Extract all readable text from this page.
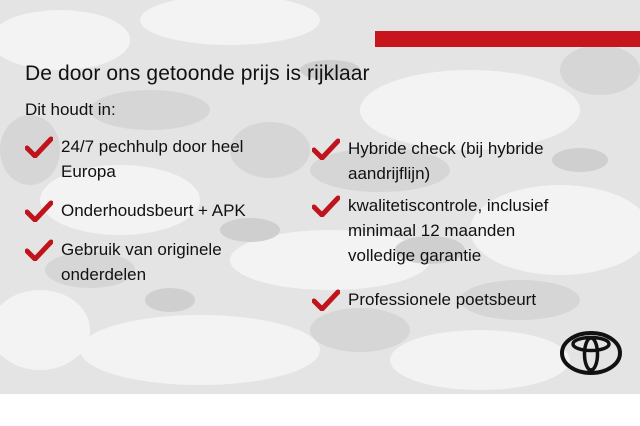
De door ons getoonde prijs is rijklaar
Dit houdt in:
24/7 pechhulp door heel
Europa
Onderhoudsbeurt + APK
Gebruik van originele
onderdelen
Hybride check (bij hybride
aandrijflijn)
kwalitetiscontrole, inclusief
minimaal 12 maanden
volledige garantie
Professionele poetsbeurt
